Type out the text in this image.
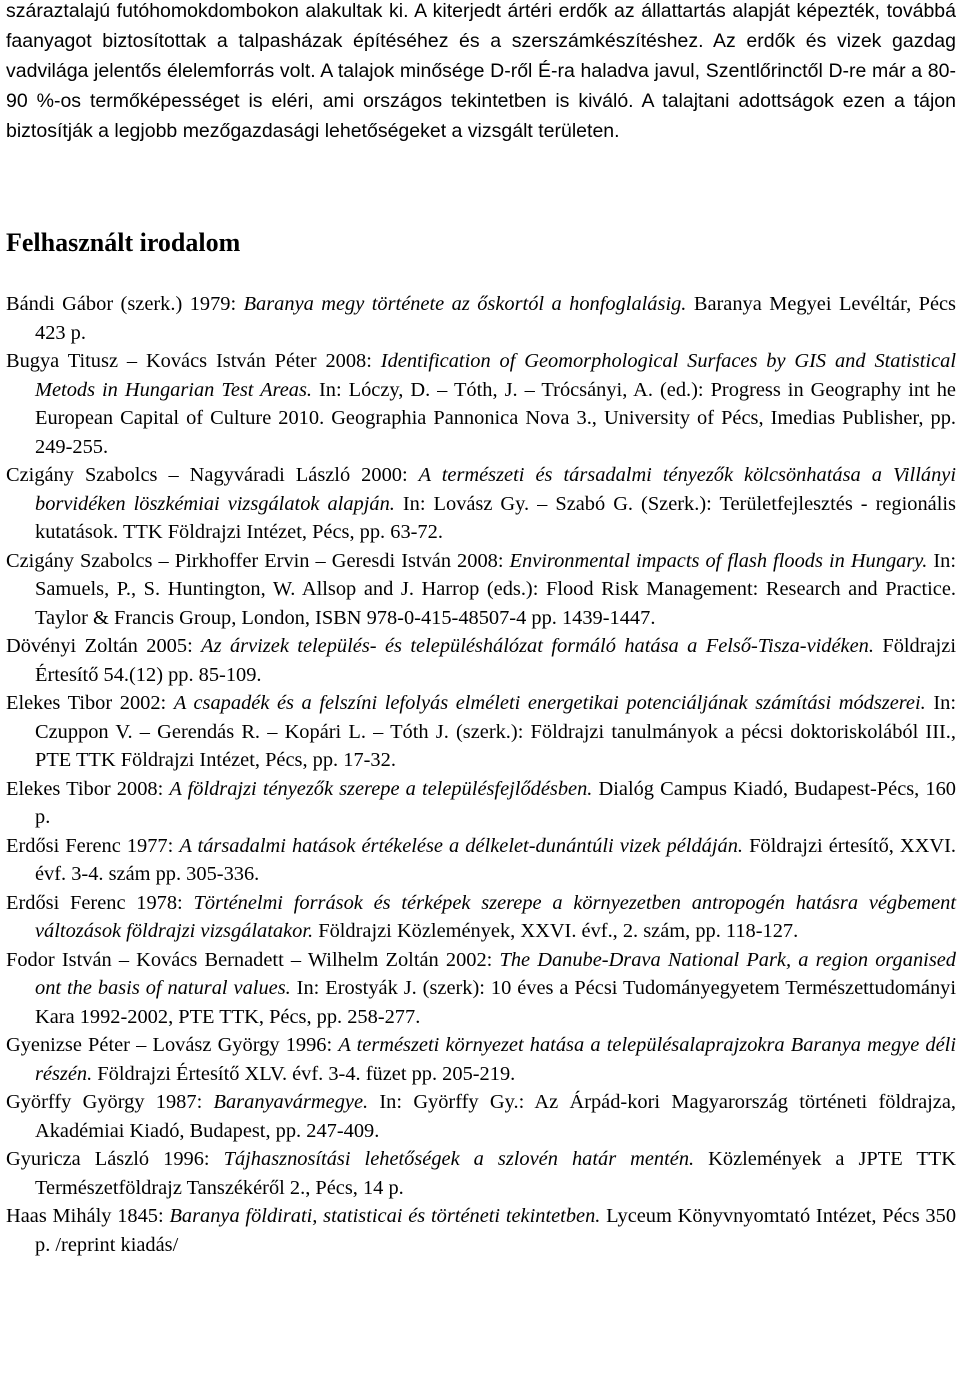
száraztalajú futóhomokdombokon alakultak ki. A kiterjedt ártéri erdők az állattartás alapját képezték, továbbá faanyagot biztosítottak a talpasházak építéséhez és a szerszámkészítéshez. Az erdők és vizek gazdag vadvilága jelentős élelemforrás volt. A talajok minősége D-ről É-ra haladva javul, Szentlőrinctől D-re már a 80-90 %-os termőképességet is eléri, ami országos tekintetben is kiváló. A talajtani adottságok ezen a tájon biztosítják a legjobb mezőgazdasági lehetőségeket a vizsgált területen.

Felhasznált irodalom

Bándi Gábor (szerk.) 1979: Baranya megy története az őskortól a honfoglalásig. Baranya Megyei Levéltár, Pécs 423 p.

Bugya Titusz – Kovács István Péter 2008: Identification of Geomorphological Surfaces by GIS and Statistical Metods in Hungarian Test Areas. In: Lóczy, D. – Tóth, J. – Trócsányi, A. (ed.): Progress in Geography int he European Capital of Culture 2010. Geographia Pannonica Nova 3., University of Pécs, Imedias Publisher, pp. 249-255.

Czigány Szabolcs – Nagyváradi László 2000: A természeti és társadalmi tényezők kölcsönhatása a Villányi borvidéken löszkémiai vizsgálatok alapján. In: Lovász Gy. – Szabó G. (Szerk.): Területfejlesztés - regionális kutatások. TTK Földrajzi Intézet, Pécs, pp. 63-72.

Czigány Szabolcs – Pirkhoffer Ervin – Geresdi István 2008: Environmental impacts of flash floods in Hungary. In: Samuels, P., S. Huntington, W. Allsop and J. Harrop (eds.): Flood Risk Management: Research and Practice. Taylor & Francis Group, London, ISBN 978-0-415-48507-4 pp. 1439-1447.

Dövényi Zoltán 2005: Az árvizek település- és településhálózat formáló hatása a Felső-Tisza-vidéken. Földrajzi Értesítő 54.(12) pp. 85-109.

Elekes Tibor 2002: A csapadék és a felszíni lefolyás elméleti energetikai potenciáljának számítási módszerei. In: Czuppon V. – Gerendás R. – Kopári L. – Tóth J. (szerk.): Földrajzi tanulmányok a pécsi doktoriskolából III., PTE TTK Földrajzi Intézet, Pécs, pp. 17-32.

Elekes Tibor 2008: A földrajzi tényezők szerepe a településfejlődésben. Dialóg Campus Kiadó, Budapest-Pécs, 160 p.

Erdősi Ferenc 1977: A társadalmi hatások értékelése a délkelet-dunántúli vizek példáján. Földrajzi értesítő, XXVI. évf. 3-4. szám pp. 305-336.

Erdősi Ferenc 1978: Történelmi források és térképek szerepe a környezetben antropogén hatásra végbement változások földrajzi vizsgálatakor. Földrajzi Közlemények, XXVI. évf., 2. szám, pp. 118-127.

Fodor István – Kovács Bernadett – Wilhelm Zoltán 2002: The Danube-Drava National Park, a region organised ont the basis of natural values. In: Erostyák J. (szerk): 10 éves a Pécsi Tudományegyetem Természettudományi Kara 1992-2002, PTE TTK, Pécs, pp. 258-277.

Gyenizse Péter – Lovász György 1996: A természeti környezet hatása a településalaprajzokra Baranya megye déli részén. Földrajzi Értesítő XLV. évf. 3-4. füzet pp. 205-219.

Györffy György 1987: Baranyavármegye. In: Györffy Gy.: Az Árpád-kori Magyarország történeti földrajza, Akadémiai Kiadó, Budapest, pp. 247-409.

Gyuricza László 1996: Tájhasznosítási lehetőségek a szlovén határ mentén. Közlemények a JPTE TTK Természetföldrajz Tanszékéről 2., Pécs, 14 p.

Haas Mihály 1845: Baranya földirati, statisticai és történeti tekintetben. Lyceum Könyvnyomtató Intézet, Pécs 350 p. /reprint kiadás/
